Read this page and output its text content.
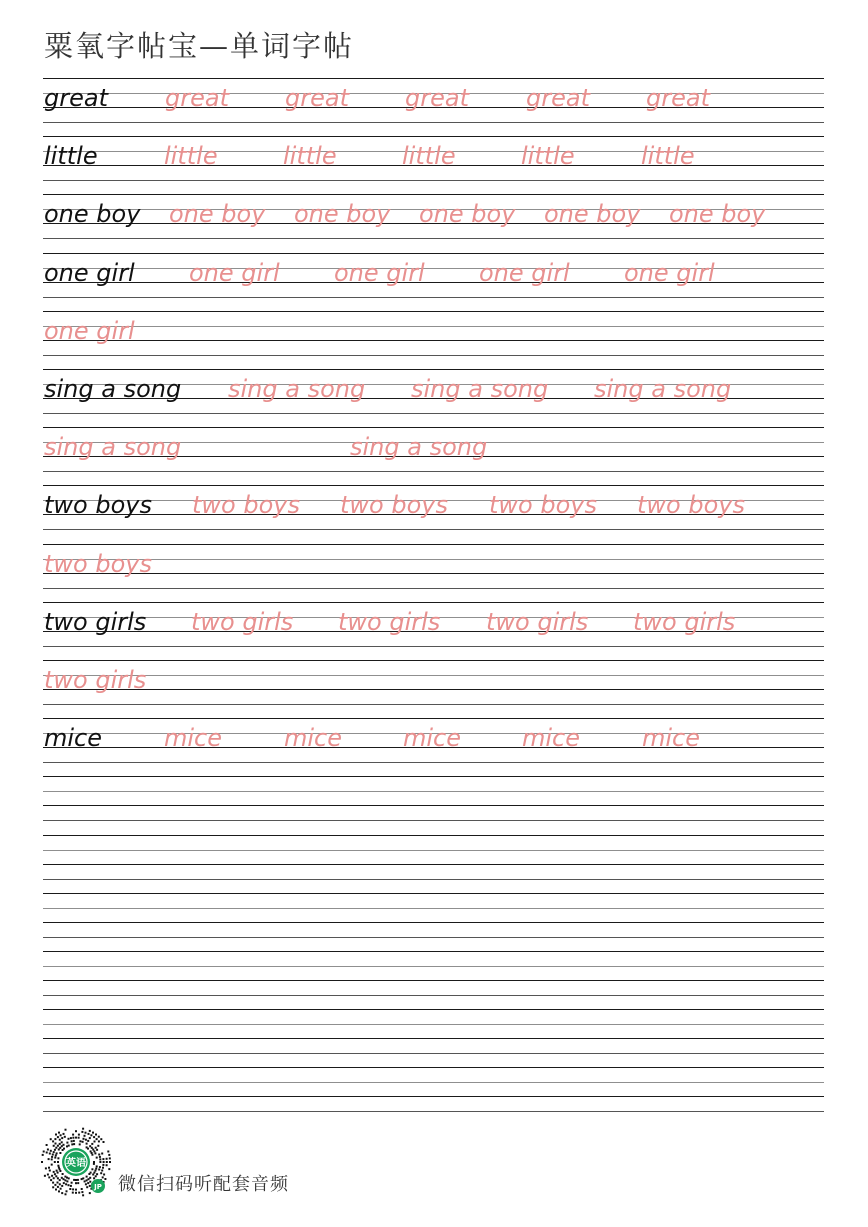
粟氧字帖宝—单词字帖

great great great great great great

little	little	little	little	little	little

one boy one boy one boy one boy one boy one boy

one girl one girl one girl one girl one girl

one girl

sing a song sing a song sing a song sing a song

sing a song	sing a song

two boys two boys two boys two boys two boys

two boys

two girls two girls two girls two girls two girls

two girls

mice	mice	mice	mice	mice	mice

英语
JP 微信扫码听配套音频
